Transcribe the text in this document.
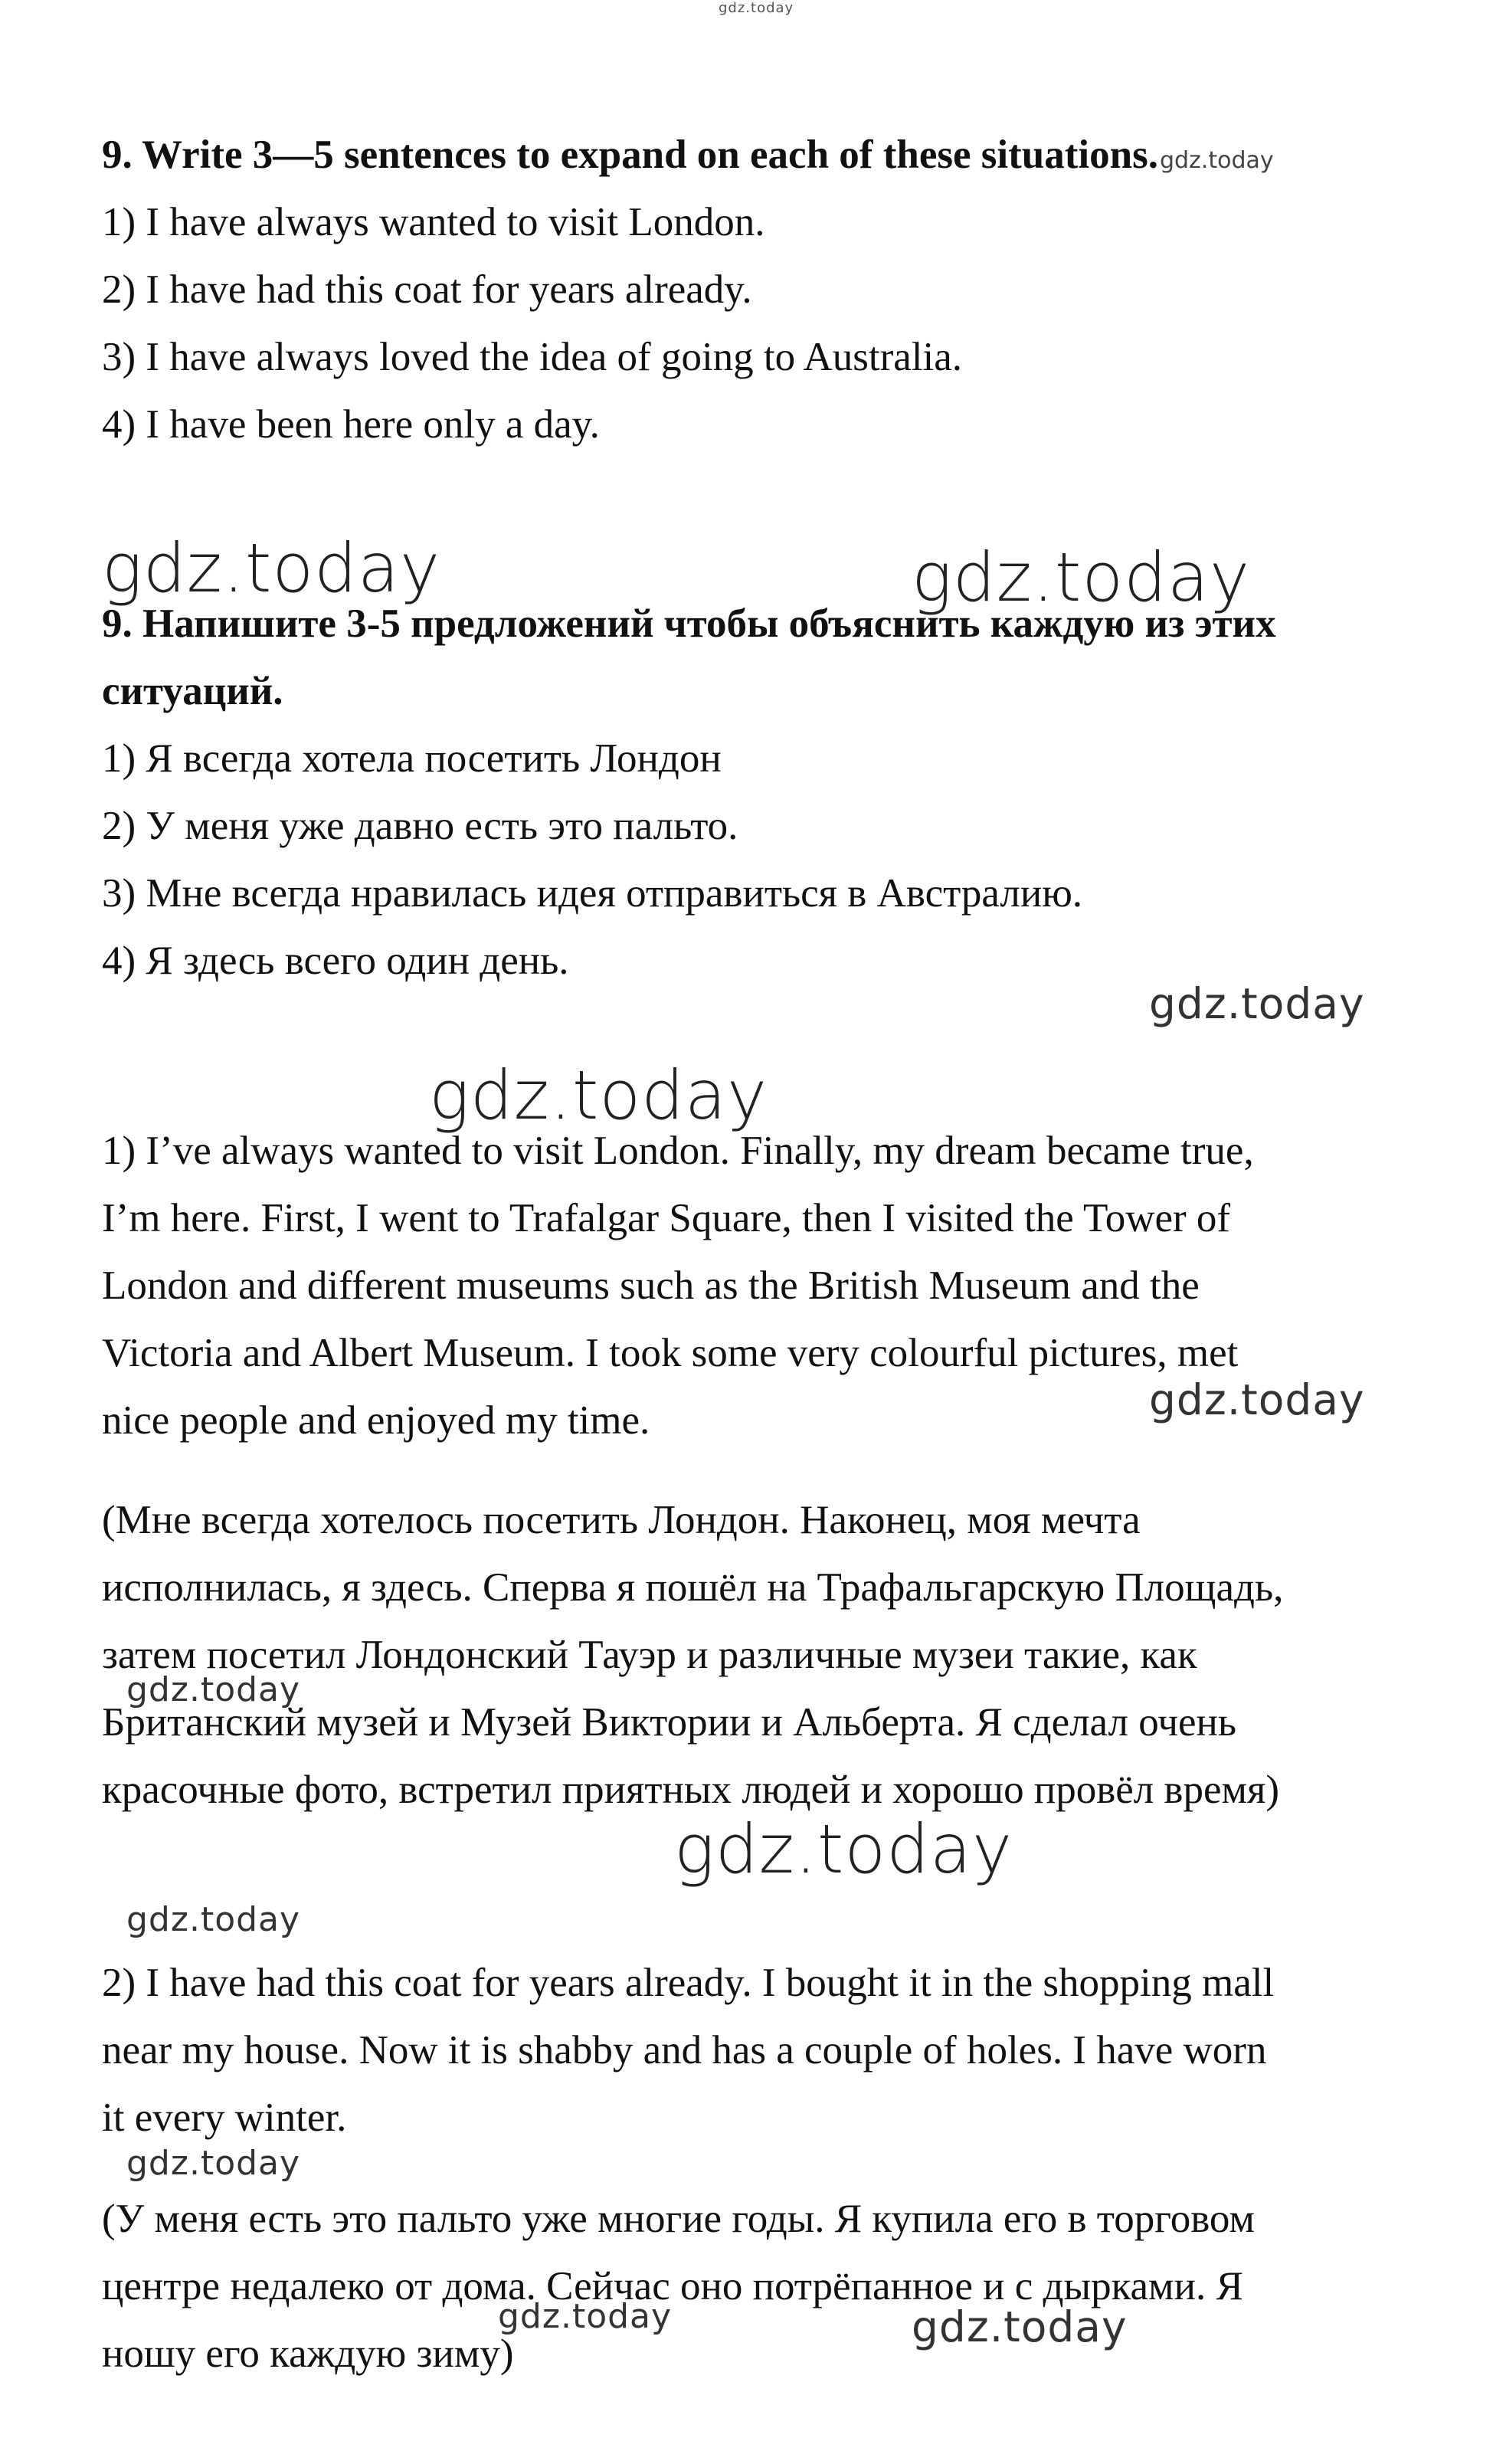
gdz.today
9. Write 3—5 sentences to expand on each of these situations.gdz.today
1) I have always wanted to visit London.
2) I have had this coat for years already.
3) I have always loved the idea of going to Australia.
4) I have been here only a day.
gdz.today	gdz.today
9. Напишите 3-5 предложений чтобы объяснить каждую из этих
ситуаций.
1) Я всегда хотела посетить Лондон
2) У меня уже давно есть это пальто.
3) Мне всегда нравилась идея отправиться в Австралию.
4) Я здесь всего один день.
gdz.today
gdz.today
1) I’ve always wanted to visit London. Finally, my dream became true,
I’m here. First, I went to Trafalgar Square, then I visited the Tower of
London and different museums such as the British Museum and the
Victoria and Albert Museum. I took some very colourful pictures, met
nice people and enjoyed my time.	gdz.today
(Мне всегда хотелось посетить Лондон. Наконец, моя мечта
исполнилась, я здесь. Сперва я пошёл на Трафальгарскую Площадь,
затем посетил Лондонский Тауэр и различные музеи такие, как
gdz.today
Британский музей и Музей Виктории и Альберта. Я сделал очень
красочные фото, встретил приятных людей и хорошо провёл время)
gdz.today
gdz.today
2) I have had this coat for years already. I bought it in the shopping mall
near my house. Now it is shabby and has a couple of holes. I have worn
it every winter.
gdz.today
(У меня есть это пальто уже многие годы. Я купила его в торговом
центре недалеко от дома. Сейчас оно потрёпанное и с дырками. Я
gdz.today	gdz.today
ношу его каждую зиму)
